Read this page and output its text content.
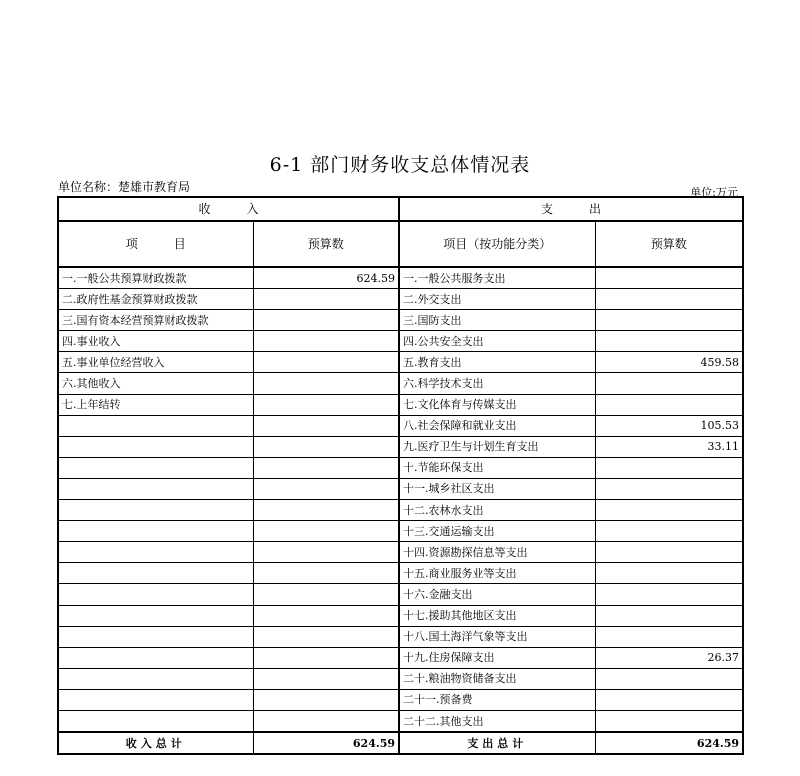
6-1 部门财务收支总体情况表
单位名称：楚雄市教育局	单位:万元
收　　　入		支　　　出	
项　　　目	预算数	项目（按功能分类）	预算数
一.一般公共预算财政拨款	624.59	一.一般公共服务支出	
二.政府性基金预算财政拨款		二.外交支出	
三.国有资本经营预算财政拨款		三.国防支出	
四.事业收入		四.公共安全支出	
五.事业单位经营收入		五.教育支出	459.58
六.其他收入		六.科学技术支出	
七.上年结转		七.文化体育与传媒支出	
		八.社会保障和就业支出	105.53
		九.医疗卫生与计划生育支出	33.11
		十.节能环保支出	
		十一.城乡社区支出	
		十二.农林水支出	
		十三.交通运输支出	
		十四.资源勘探信息等支出	
		十五.商业服务业等支出	
		十六.金融支出	
		十七.援助其他地区支出	
		十八.国土海洋气象等支出	
		十九.住房保障支出	26.37
		二十.粮油物资储备支出	
		二十一.预备费	
		二十二.其他支出	
收入总计	624.59	支出总计	624.59
